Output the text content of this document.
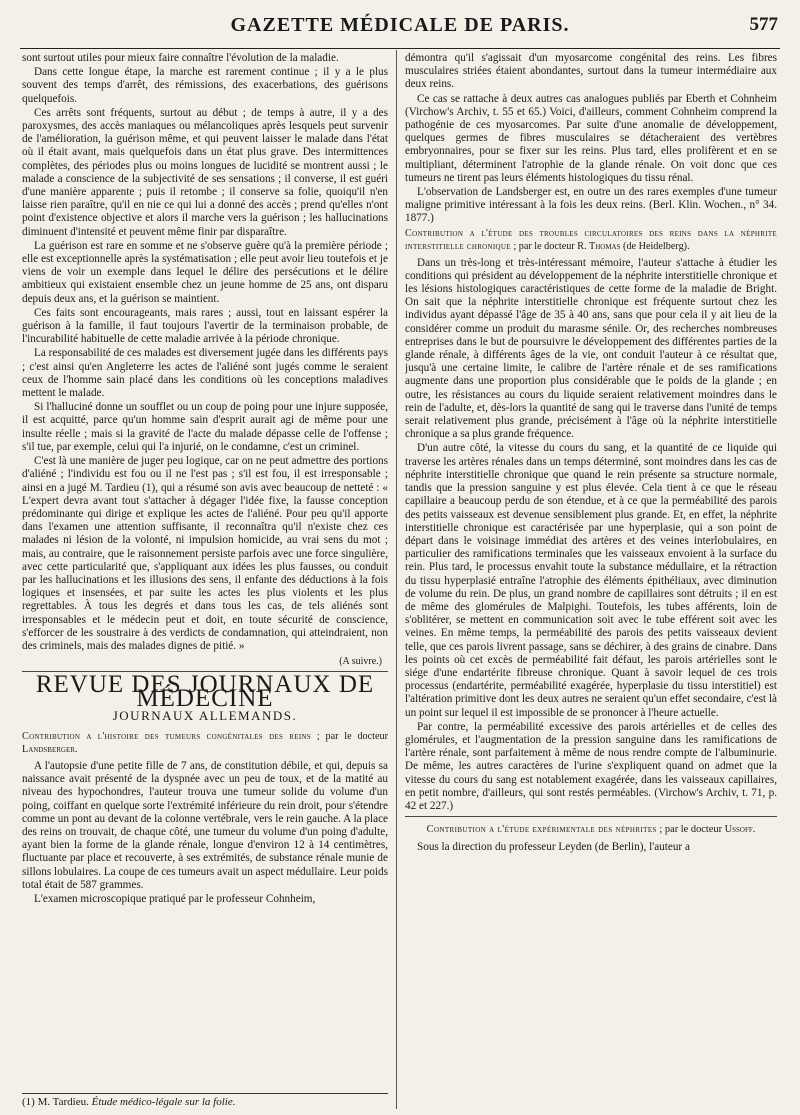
GAZETTE MÉDICALE DE PARIS.	577

sont surtout utiles pour mieux faire connaître l'évolution de la maladie.

Dans cette longue étape, la marche est rarement continue ; il y a le plus souvent des temps d'arrêt, des rémissions, des exacerbations, des guérisons quelquefois.

Ces arrêts sont fréquents, surtout au début ; de temps à autre, il y a des paroxysmes, des accès maniaques ou mélancoliques après lesquels peut survenir de l'amélioration, la guérison même, et qui peuvent laisser le malade dans l'état où il était avant, mais quelquefois dans un état plus grave. Des intermittences complètes, des périodes plus ou moins longues de lucidité se montrent aussi ; le malade a conscience de la subjectivité de ses sensations ; il converse, il est guéri d'une manière apparente ; puis il retombe ; il conserve sa folie, quoiqu'il n'en laisse rien paraître, qu'il en nie ce qui lui a donné des accès ; prend qu'elles n'ont point d'existence objective et alors il marche vers la guérison ; les hallucinations diminuent d'intensité et peuvent même finir par disparaître.

La guérison est rare en somme et ne s'observe guère qu'à la première période ; elle est exceptionnelle après la systématisation ; elle peut avoir lieu toutefois et je viens de voir un exemple dans lequel le délire des persécutions et le délire ambitieux qui existaient ensemble chez un jeune homme de 25 ans, ont disparu depuis deux ans, et la guérison se maintient.

Ces faits sont encourageants, mais rares ; aussi, tout en laissant espérer la guérison à la famille, il faut toujours l'avertir de la terminaison probable, de l'incurabilité habituelle de cette maladie arrivée à la période chronique.

La responsabilité de ces malades est diversement jugée dans les différents pays ; c'est ainsi qu'en Angleterre les actes de l'aliéné sont jugés comme le seraient ceux de l'homme sain placé dans les conditions où les conceptions maladives mettent le malade.

Si l'halluciné donne un soufflet ou un coup de poing pour une injure supposée, il est acquitté, parce qu'un homme sain d'esprit aurait agi de même pour une insulte réelle ; mais si la gravité de l'acte du malade dépasse celle de l'offense ; s'il tue, par exemple, celui qui l'a injurié, on le condamne, c'est un criminel.

C'est là une manière de juger peu logique, car on ne peut admettre des portions d'aliéné ; l'individu est fou ou il ne l'est pas ; s'il est fou, il est irresponsable ; ainsi en a jugé M. Tardieu (1), qui a résumé son avis avec beaucoup de netteté : « L'expert devra avant tout s'attacher à dégager l'idée fixe, la fausse conception prédominante qui dirige et explique les actes de l'aliéné. Pour peu qu'il apporte dans l'examen une attention suffisante, il reconnaîtra qu'il n'existe chez ces malades ni lésion de la volonté, ni impulsion homicide, au vrai sens du mot ; mais, au contraire, que le raisonnement persiste parfois avec une force singulière, avec cette particularité que, s'appliquant aux idées les plus fausses, ou conduit par les hallucinations et les illusions des sens, il enfante des déductions à la fois logiques et insensées, et par suite les actes les plus violents et les plus regrettables. À tous les degrés et dans tous les cas, de tels aliénés sont irresponsables et le médecin peut et doit, en toute sécurité de conscience, s'efforcer de les soustraire à des verdicts de condamnation, qui atteindraient, non des criminels, mais des malades dignes de pitié. »

(A suivre.)
REVUE DES JOURNAUX DE MÉDECINE
JOURNAUX ALLEMANDS.
Contribution a l'histoire des tumeurs congénitales des reins ; par le docteur Landsberger.

A l'autopsie d'une petite fille de 7 ans, de constitution débile, et qui, depuis sa naissance avait présenté de la dyspnée avec un peu de toux, et de la matité au niveau des hypochondres, l'auteur trouva une tumeur solide du volume d'un poing, coiffant en quelque sorte l'extrémité inférieure du rein droit, pour s'étendre comme un pont au devant de la colonne vertébrale, vers le rein gauche. A la place des reins on trouvait, de chaque côté, une tumeur du volume d'un poing d'adulte, ayant bien la forme de la glande rénale, longue d'environ 12 à 14 centimètres, fluctuante par place et recouverte, à ses extrémités, de substance rénale munie de sillons lobulaires. La coupe de ces tumeurs avait un aspect médullaire. Leur poids total était de 587 grammes.

L'examen microscopique pratiqué par le professeur Cohnheim,

(1) M. Tardieu. Étude médico-légale sur la folie.

démontra qu'il s'agissait d'un myosarcome congénital des reins. Les fibres musculaires striées étaient abondantes, surtout dans la tumeur intermédiaire aux deux reins.

Ce cas se rattache à deux autres cas analogues publiés par Eberth et Cohnheim (Virchow's Archiv, t. 55 et 65.) Voici, d'ailleurs, comment Cohnheim comprend la pathogénie de ces myosarcomes. Par suite d'une anomalie de développement, quelques germes de fibres musculaires se détacheraient des vertèbres embryonnaires, pour se fixer sur les reins. Plus tard, elles prolifèrent et en se multipliant, déterminent l'atrophie de la glande rénale. On voit donc que ces tumeurs ne tirent pas leurs éléments histologiques du tissu rénal.

L'observation de Landsberger est, en outre un des rares exemples d'une tumeur maligne primitive intéressant à la fois les deux reins. (Berl. Klin. Wochen., n° 34. 1877.)

Contribution a l'étude des troubles circulatoires des reins dans la néphrite interstitielle chronique ; par le docteur R. Thomas (de Heidelberg).

Dans un très-long et très-intéressant mémoire, l'auteur s'attache à étudier les conditions qui président au développement de la néphrite interstitielle chronique et les lésions histologiques caractéristiques de cette forme de la maladie de Bright. On sait que la néphrite interstitielle chronique est fréquente surtout chez les individus ayant dépassé l'âge de 35 à 40 ans, sans que pour cela il y ait lieu de la considérer comme un produit du marasme sénile. Or, des recherches nombreuses entreprises dans le but de poursuivre le développement des différentes parties de la glande rénale, à différents âges de la vie, ont conduit l'auteur à ce résultat que, jusqu'à une certaine limite, le calibre de l'artère rénale et de ses ramifications augmente dans une proportion plus considérable que le poids de la glande ; en outre, les résistances au cours du liquide seraient relativement moindres dans le rein de l'adulte, et, dès-lors la quantité de sang qui le traverse dans l'unité de temps serait relativement plus grande, précisément à l'âge où la néphrite interstitielle chronique a sa plus grande fréquence.

D'un autre côté, la vitesse du cours du sang, et la quantité de ce liquide qui traverse les artères rénales dans un temps déterminé, sont moindres dans les cas de néphrite interstitielle chronique que quand le rein présente sa structure normale, tandis que la pression sanguine y est plus élevée. Cela tient à ce que le réseau capillaire a beaucoup perdu de son étendue, et à ce que la perméabilité des parois des petits vaisseaux est devenue sensiblement plus grande. Et, en effet, la néphrite interstitielle chronique est caractérisée par une hyperplasie, qui a son point de départ dans le voisinage immédiat des artères et des veines interlobulaires, en particulier des ramifications terminales que les vaisseaux envoient à la surface du rein. Plus tard, le processus envahit toute la substance médullaire, et la rétraction du tissu hyperplasié entraîne l'atrophie des éléments épithéliaux, avec diminution de volume du rein. De plus, un grand nombre de capillaires sont détruits ; il en est de même des glomérules de Malpighi. Toutefois, les tubes afférents, loin de s'oblitérer, se mettent en communication soit avec le tube efférent soit avec les veines. En même temps, la perméabilité des parois des petits vaisseaux devient telle, que ces parois livrent passage, sans se déchirer, à des grains de cinabre. Dans les points où cet excès de perméabilité fait défaut, les parois artérielles sont le siége d'une endartérite fibreuse chronique. Quant à savoir lequel de ces trois processus (endartérite, perméabilité exagérée, hyperplasie du tissu interstitiel) est l'altération primitive dont les deux autres ne seraient qu'un effet secondaire, c'est là un point sur lequel il est impossible de se prononcer à l'heure actuelle.

Par contre, la perméabilité excessive des parois artérielles et de celles des glomérules, et l'augmentation de la pression sanguine dans les ramifications de l'artère rénale, sont parfaitement à même de nous rendre compte de l'albuminurie. De même, les autres caractères de l'urine s'expliquent quand on admet que la vitesse du cours du sang est notablement exagérée, dans les vaisseaux capillaires, en petit nombre, d'ailleurs, qui sont restés perméables. (Virchow's Archiv, t. 71, p. 42 et 227.)

Contribution a l'étude expérimentale des néphrites ; par le docteur Ussoff.

Sous la direction du professeur Leyden (de Berlin), l'auteur a
